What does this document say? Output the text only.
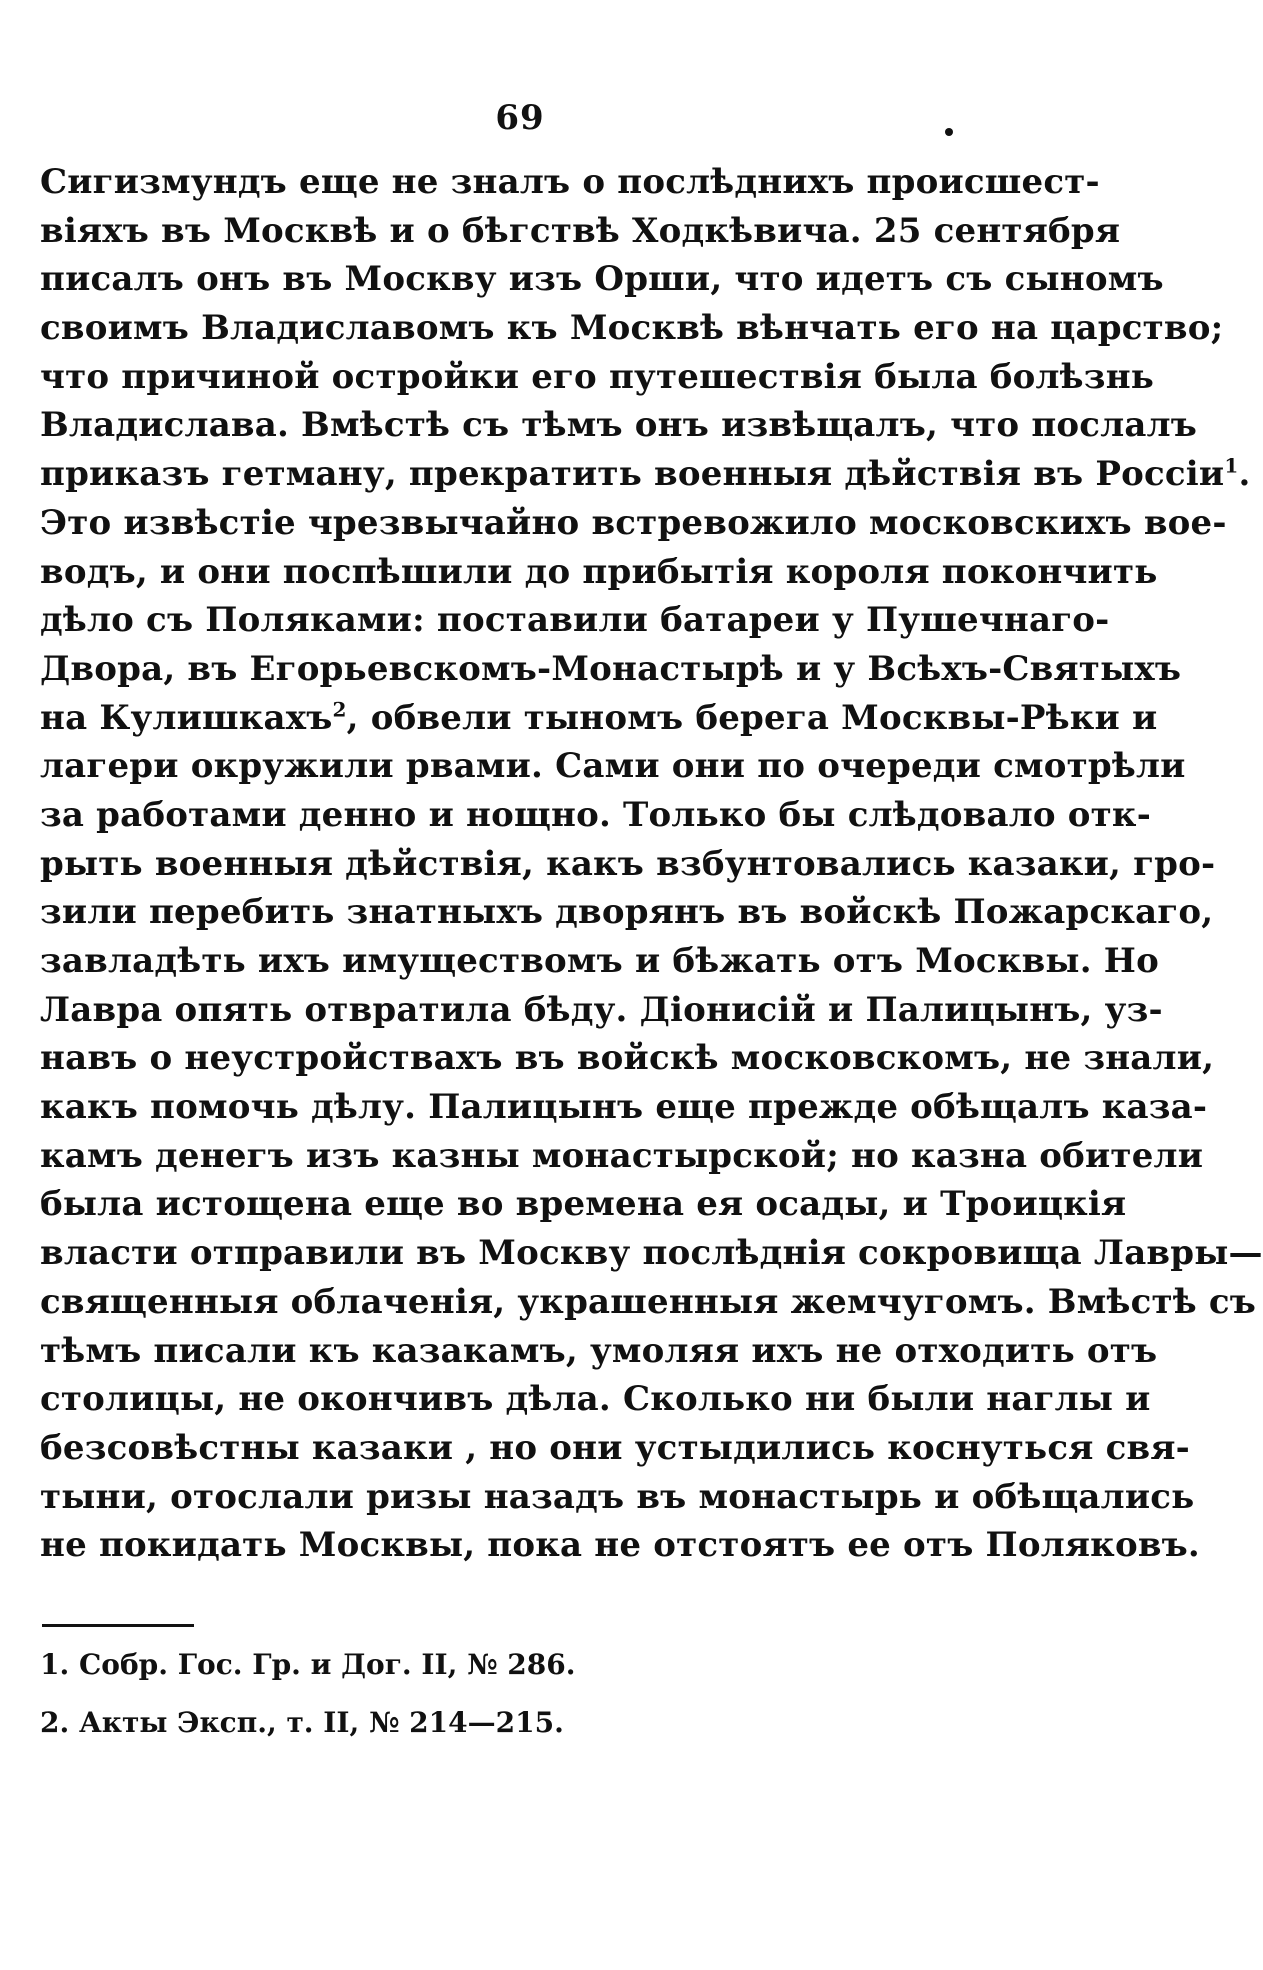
69
Сигизмундъ еще не зналъ о послѣднихъ происшест-
віяхъ въ Москвѣ и о бѣгствѣ Ходкѣвича. 25 сентября
писалъ онъ въ Москву изъ Орши, что идетъ съ сыномъ
своимъ Владиславомъ къ Москвѣ вѣнчать его на царство;
что причиной остройки его путешествія была болѣзнь
Владислава. Вмѣстѣ съ тѣмъ онъ извѣщалъ, что послалъ
приказъ гетману, прекратить военныя дѣйствія въ Россіи$^1$.
Это извѣстіе чрезвычайно встревожило московскихъ вое-
водъ, и они поспѣшили до прибытія короля покончить
дѣло съ Поляками: поставили батареи у Пушечнаго-
Двора, въ Егорьевскомъ-Монастырѣ и у Всѣхъ-Святыхъ
на Кулишкахъ$^2$, обвели тыномъ берега Москвы-Рѣки и
лагери окружили рвами. Сами они по очереди смотрѣли
за работами денно и нощно. Только бы слѣдовало отк-
рыть военныя дѣйствія, какъ взбунтовались казаки, гро-
зили перебить знатныхъ дворянъ въ войскѣ Пожарскаго,
завладѣть ихъ имуществомъ и бѣжать отъ Москвы. Но
Лавра опять отвратила бѣду. Діонисій и Палицынъ, уз-
навъ о неустройствахъ въ войскѣ московскомъ, не знали,
какъ помочь дѣлу. Палицынъ еще прежде обѣщалъ каза-
камъ денегъ изъ казны монастырской; но казна обители
была истощена еще во времена ея осады, и Троицкія
власти отправили въ Москву послѣднія сокровища Лавры—
священныя облаченія, украшенныя жемчугомъ. Вмѣстѣ съ
тѣмъ писали къ казакамъ, умоляя ихъ не отходить отъ
столицы, не окончивъ дѣла. Сколько ни были наглы и
безсовѣстны казаки , но они устыдились коснуться свя-
тыни, отослали ризы назадъ въ монастырь и обѣщались
не покидать Москвы, пока не отстоятъ ее отъ Поляковъ.
1. Собр. Гос. Гр. и Дог. II, № 286.
2. Акты Эксп., т. II, № 214—215.
